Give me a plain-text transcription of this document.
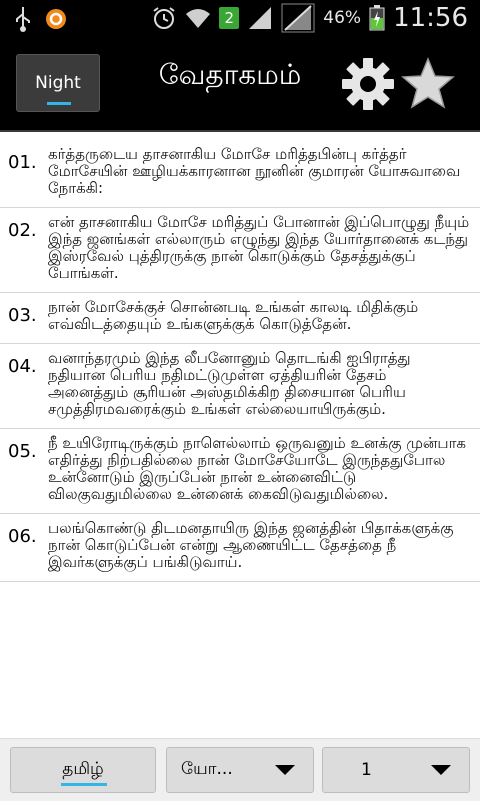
2	46% 11:56
Night	வேதாகமம்
01. கர்த்தருடைய தாசனாகிய மோசே மரித்தபின்பு கர்த்தர் மோசேயின் ஊழியக்காரனான நூனின் குமாரன் யோசுவாவை நோக்கி:
02. என் தாசனாகிய மோசே மரித்துப் போனான் இப்பொழுது நீயும் இந்த ஜனங்கள் எல்லாரும் எழுந்து இந்த யோர்தானைக் கடந்து இஸ்ரவேல் புத்திரருக்கு நான் கொடுக்கும் தேசத்துக்குப் போங்கள்.
03. நான் மோசேக்குச் சொன்னபடி உங்கள் காலடி மிதிக்கும் எவ்விடத்தையும் உங்களுக்குக் கொடுத்தேன்.
04. வனாந்தரமும் இந்த லீபனோனும் தொடங்கி ஐபிராத்து நதியான பெரிய நதிமட்டுமுள்ள ஏத்தியரின் தேசம் அனைத்தும் சூரியன் அஸ்தமிக்கிற திசையான பெரிய சமுத்திரமவரைக்கும் உங்கள் எல்லையாயிருக்கும்.
05. நீ உயிரோடிருக்கும் நாளெல்லாம் ஒருவனும் உனக்கு முன்பாக எதிர்த்து நிற்பதில்லை நான் மோசேயோடே இருந்ததுபோல உன்னோடும் இருப்பேன் நான் உன்னைவிட்டு விலகுவதுமில்லை உன்னைக் கைவிடுவதுமில்லை.
06. பலங்கொண்டு திடமனதாயிரு இந்த ஜனத்தின் பிதாக்களுக்கு நான் கொடுப்பேன் என்று ஆணையிட்ட தேசத்தை நீ இவர்களுக்குப் பங்கிடுவாய்.
தமிழ்	யோ...	1
